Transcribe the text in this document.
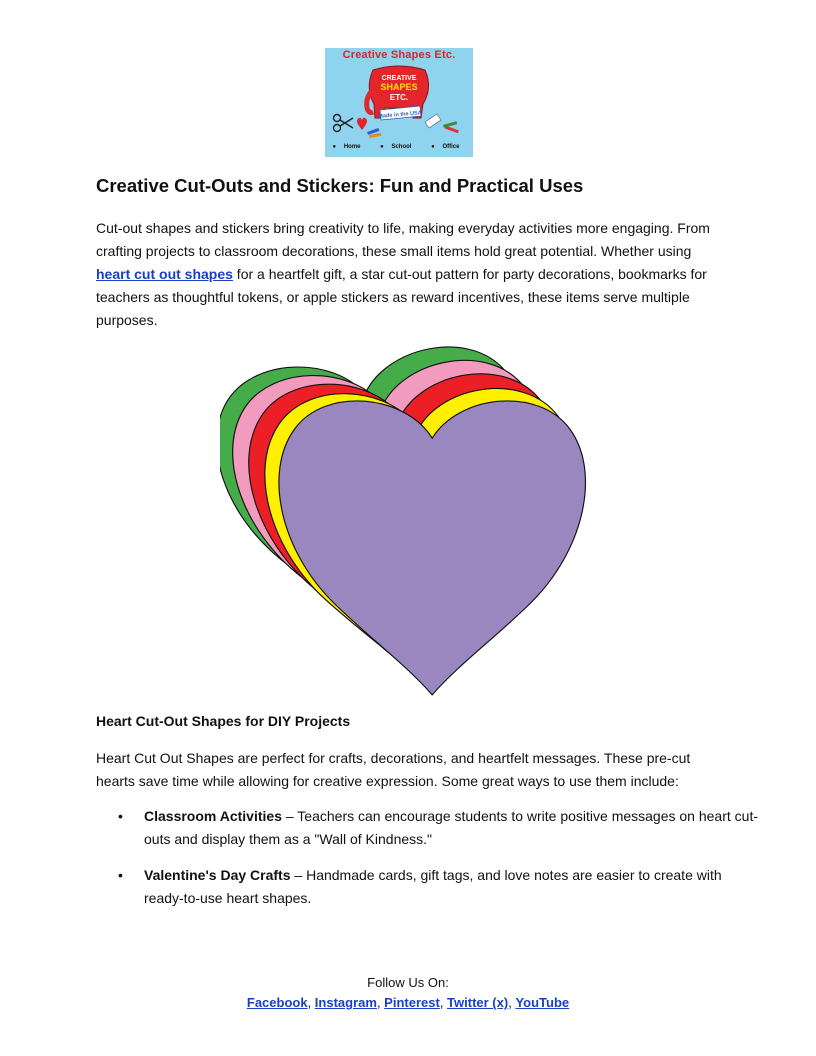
Creative Shapes Etc.
Made in the USA
CREATIVE
SHAPES
ETC.
● Home	● School	● Office
Creative Cut-Outs and Stickers: Fun and Practical Uses

Cut-out shapes and stickers bring creativity to life, making everyday activities more engaging. From crafting projects to classroom decorations, these small items hold great potential. Whether using heart cut out shapes for a heartfelt gift, a star cut-out pattern for party decorations, bookmarks for teachers as thoughtful tokens, or apple stickers as reward incentives, these items serve multiple purposes.

Heart Cut-Out Shapes for DIY Projects

Heart Cut Out Shapes are perfect for crafts, decorations, and heartfelt messages. These pre-cut hearts save time while allowing for creative expression. Some great ways to use them include:

• Classroom Activities – Teachers can encourage students to write positive messages on heart cut-outs and display them as a "Wall of Kindness."
• Valentine's Day Crafts – Handmade cards, gift tags, and love notes are easier to create with ready-to-use heart shapes.
Follow Us On:
Facebook, Instagram, Pinterest, Twitter (x), YouTube
